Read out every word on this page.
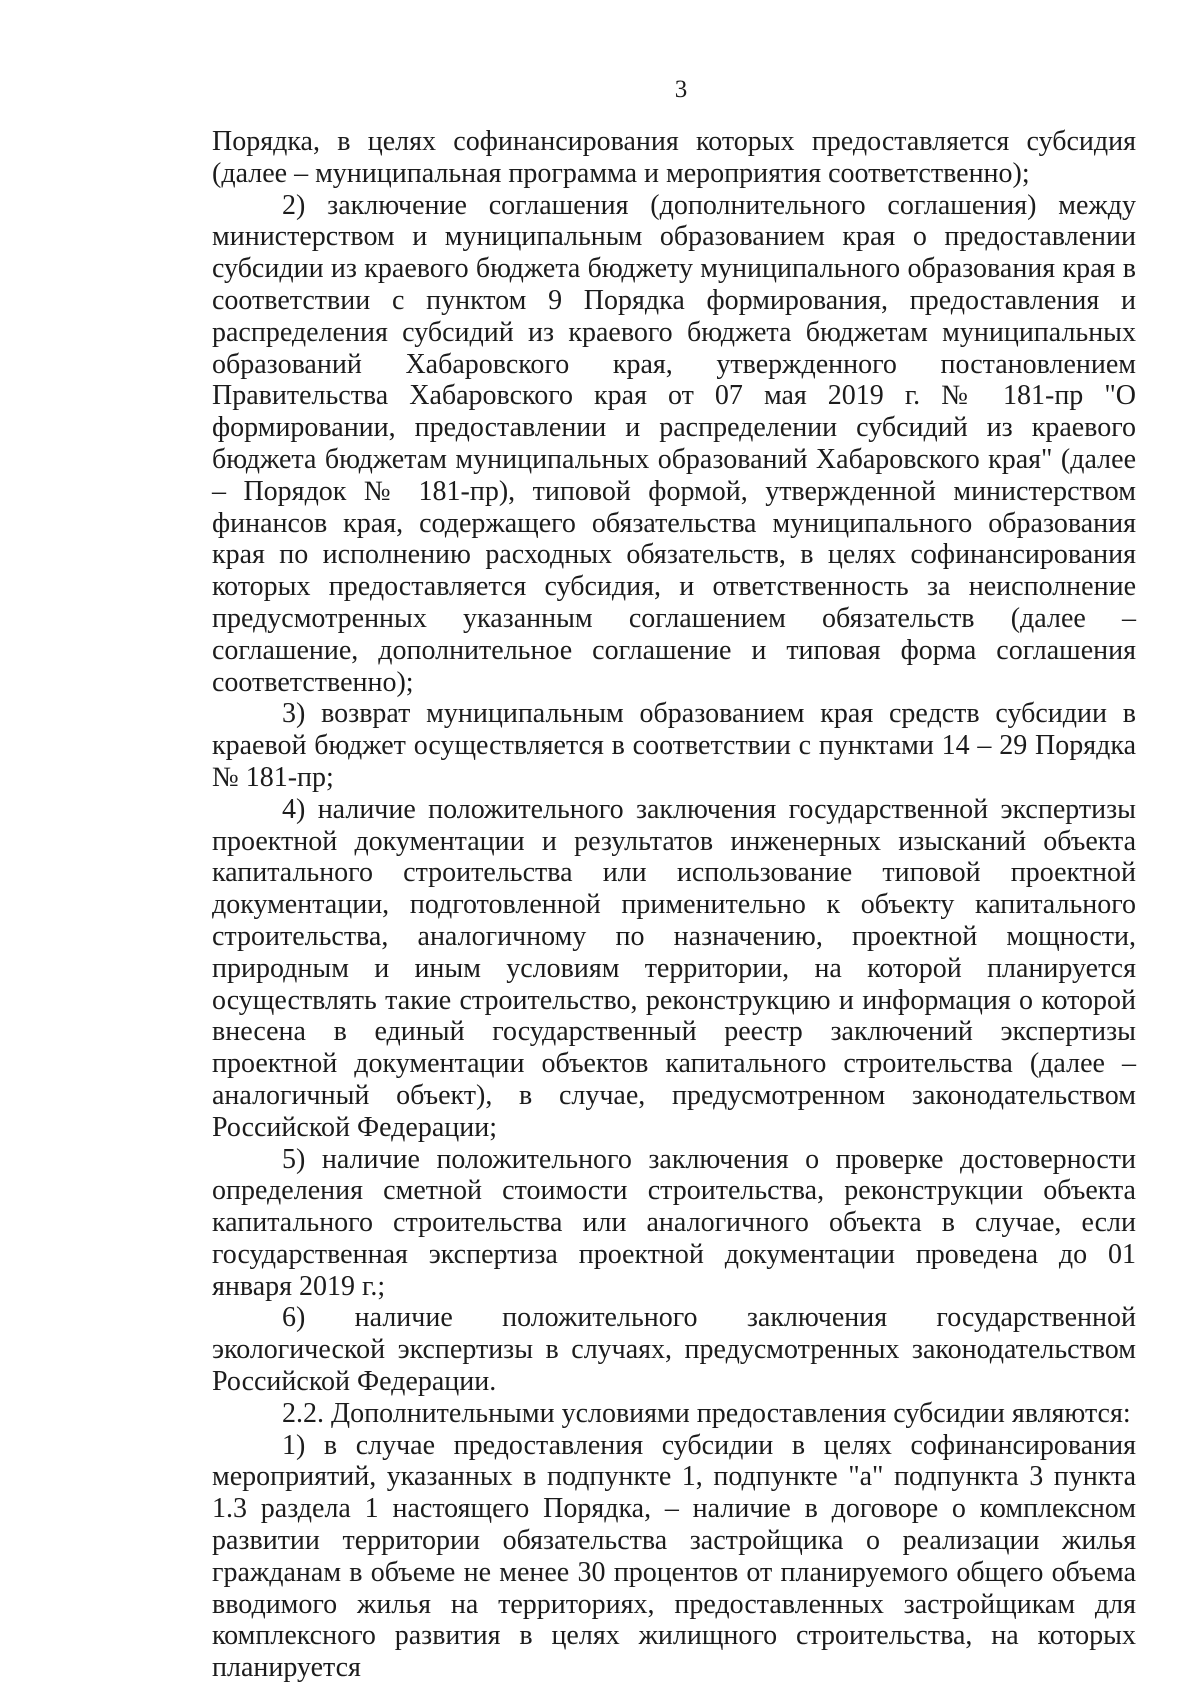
3

Порядка, в целях софинансирования которых предоставляется субсидия (далее – муниципальная программа и мероприятия соответственно);

2) заключение соглашения (дополнительного соглашения) между министерством и муниципальным образованием края о предоставлении субсидии из краевого бюджета бюджету муниципального образования края в соответствии с пунктом 9 Порядка формирования, предоставления и распределения субсидий из краевого бюджета бюджетам муниципальных образований Хабаровского края, утвержденного постановлением Правительства Хабаровского края от 07 мая 2019 г. № 181-пр "О формировании, предоставлении и распределении субсидий из краевого бюджета бюджетам муниципальных образований Хабаровского края" (далее – Порядок № 181-пр), типовой формой, утвержденной министерством финансов края, содержащего обязательства муниципального образования края по исполнению расходных обязательств, в целях софинансирования которых предоставляется субсидия, и ответственность за неисполнение предусмотренных указанным соглашением обязательств (далее – соглашение, дополнительное соглашение и типовая форма соглашения соответственно);

3) возврат муниципальным образованием края средств субсидии в краевой бюджет осуществляется в соответствии с пунктами 14 – 29 Порядка № 181-пр;

4) наличие положительного заключения государственной экспертизы проектной документации и результатов инженерных изысканий объекта капитального строительства или использование типовой проектной документации, подготовленной применительно к объекту капитального строительства, аналогичному по назначению, проектной мощности, природным и иным условиям территории, на которой планируется осуществлять такие строительство, реконструкцию и информация о которой внесена в единый государственный реестр заключений экспертизы проектной документации объектов капитального строительства (далее – аналогичный объект), в случае, предусмотренном законодательством Российской Федерации;

5) наличие положительного заключения о проверке достоверности определения сметной стоимости строительства, реконструкции объекта капитального строительства или аналогичного объекта в случае, если государственная экспертиза проектной документации проведена до 01 января 2019 г.;

6) наличие положительного заключения государственной экологической экспертизы в случаях, предусмотренных законодательством Российской Федерации.

2.2. Дополнительными условиями предоставления субсидии являются:

1) в случае предоставления субсидии в целях софинансирования мероприятий, указанных в подпункте 1, подпункте "а" подпункта 3 пункта 1.3 раздела 1 настоящего Порядка, – наличие в договоре о комплексном развитии территории обязательства застройщика о реализации жилья гражданам в объеме не менее 30 процентов от планируемого общего объема вводимого жилья на территориях, предоставленных застройщикам для комплексного развития в целях жилищного строительства, на которых планируется
